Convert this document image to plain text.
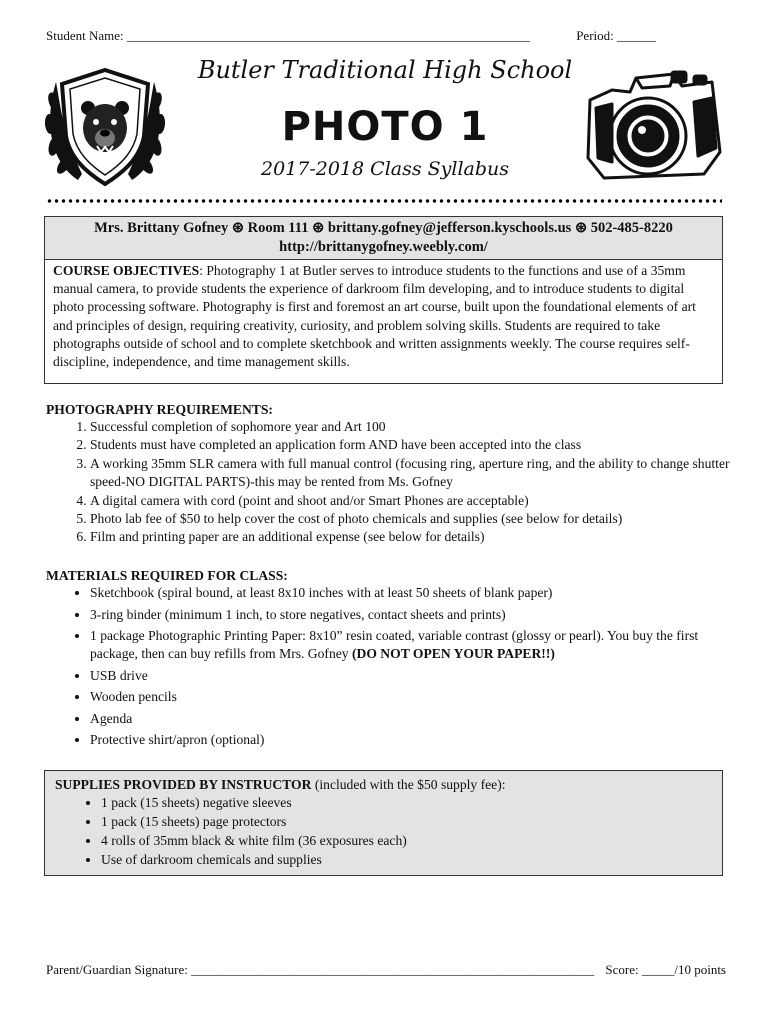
Student Name: ______________________________________________________________	Period: ______
Butler Traditional High School
PHOTO 1
2017-2018 Class Syllabus
Mrs. Brittany Gofney ⊛ Room 111 ⊛ brittany.gofney@jefferson.kyschools.us ⊛ 502-485-8220
http://brittanygofney.weebly.com/
COURSE OBJECTIVES: Photography 1 at Butler serves to introduce students to the functions and use of a 35mm manual camera, to provide students the experience of darkroom film developing, and to introduce students to digital photo processing software. Photography is first and foremost an art course, built upon the foundational elements of art and principles of design, requiring creativity, curiosity, and problem solving skills. Students are required to take photographs outside of school and to complete sketchbook and written assignments weekly. The course requires self-discipline, independence, and time management skills.
PHOTOGRAPHY REQUIREMENTS:
1. Successful completion of sophomore year and Art 100
2. Students must have completed an application form AND have been accepted into the class
3. A working 35mm SLR camera with full manual control (focusing ring, aperture ring, and the ability to change shutter speed-NO DIGITAL PARTS)-this may be rented from Ms. Gofney
4. A digital camera with cord (point and shoot and/or Smart Phones are acceptable)
5. Photo lab fee of $50 to help cover the cost of photo chemicals and supplies (see below for details)
6. Film and printing paper are an additional expense (see below for details)
MATERIALS REQUIRED FOR CLASS:
• Sketchbook (spiral bound, at least 8x10 inches with at least 50 sheets of blank paper)
• 3-ring binder (minimum 1 inch, to store negatives, contact sheets and prints)
• 1 package Photographic Printing Paper: 8x10” resin coated, variable contrast (glossy or pearl). You buy the first package, then can buy refills from Mrs. Gofney (DO NOT OPEN YOUR PAPER!!)
• USB drive
• Wooden pencils
• Agenda
• Protective shirt/apron (optional)
SUPPLIES PROVIDED BY INSTRUCTOR (included with the $50 supply fee):
• 1 pack (15 sheets) negative sleeves
• 1 pack (15 sheets) page protectors
• 4 rolls of 35mm black & white film (36 exposures each)
• Use of darkroom chemicals and supplies
Parent/Guardian Signature: ______________________________________________________________ Score: _____/10 points
